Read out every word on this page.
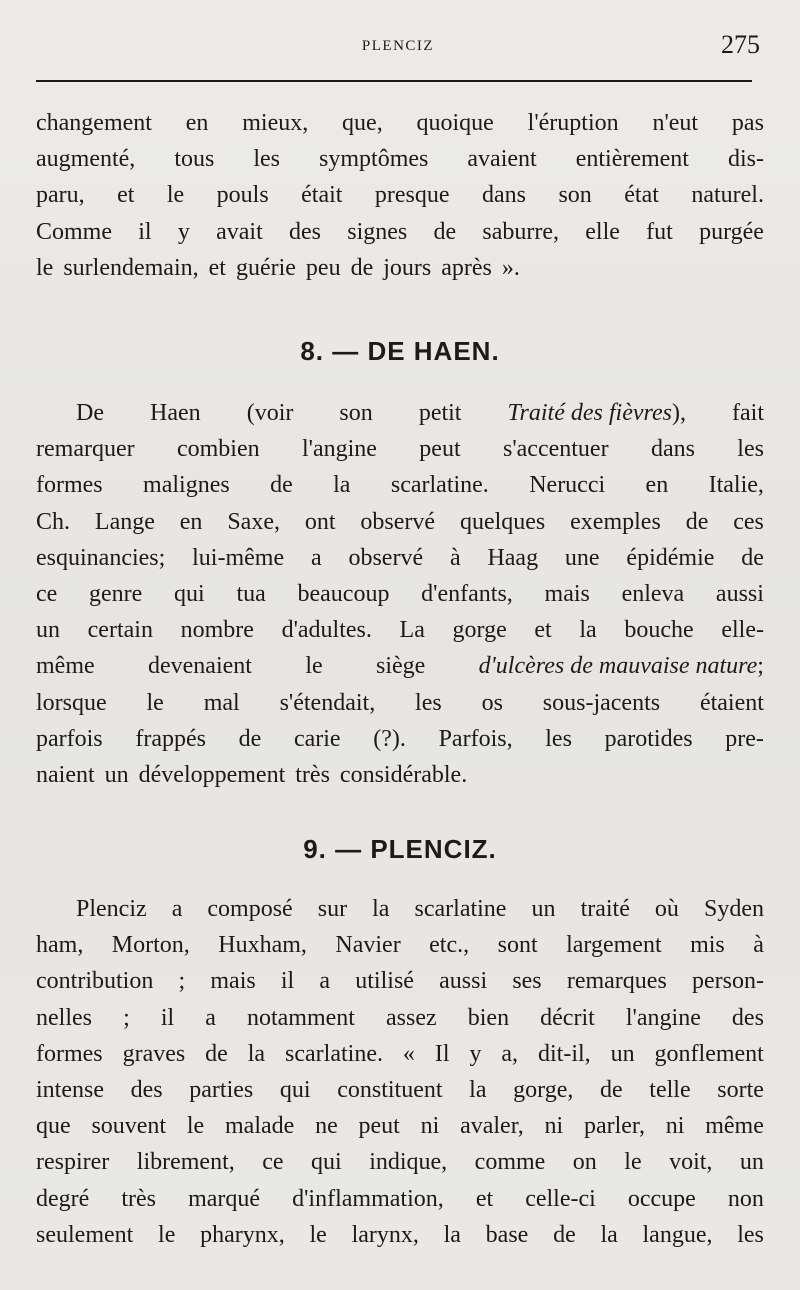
PLENCIZ	275
changement en mieux, que, quoique l'éruption n'eut pas
augmenté, tous les symptômes avaient entièrement dis-
paru, et le pouls était presque dans son état naturel.
Comme il y avait des signes de saburre, elle fut purgée
le surlendemain, et guérie peu de jours après ».
8. — DE HAEN.
De Haen (voir son petit Traité des fièvres), fait
remarquer combien l'angine peut s'accentuer dans les
formes malignes de la scarlatine. Nerucci en Italie,
Ch. Lange en Saxe, ont observé quelques exemples de ces
esquinancies; lui-même a observé à Haag une épidémie de
ce genre qui tua beaucoup d'enfants, mais enleva aussi
un certain nombre d'adultes. La gorge et la bouche elle-
même devenaient le siège d'ulcères de mauvaise nature;
lorsque le mal s'étendait, les os sous-jacents étaient
parfois frappés de carie (?). Parfois, les parotides pre-
naient un développement très considérable.
9. — PLENCIZ.
Plenciz a composé sur la scarlatine un traité où Syden
ham, Morton, Huxham, Navier etc., sont largement mis à
contribution ; mais il a utilisé aussi ses remarques person-
nelles ; il a notamment assez bien décrit l'angine des
formes graves de la scarlatine. « Il y a, dit-il, un gonflement
intense des parties qui constituent la gorge, de telle sorte
que souvent le malade ne peut ni avaler, ni parler, ni même
respirer librement, ce qui indique, comme on le voit, un
degré très marqué d'inflammation, et celle-ci occupe non
seulement le pharynx, le larynx, la base de la langue, les
